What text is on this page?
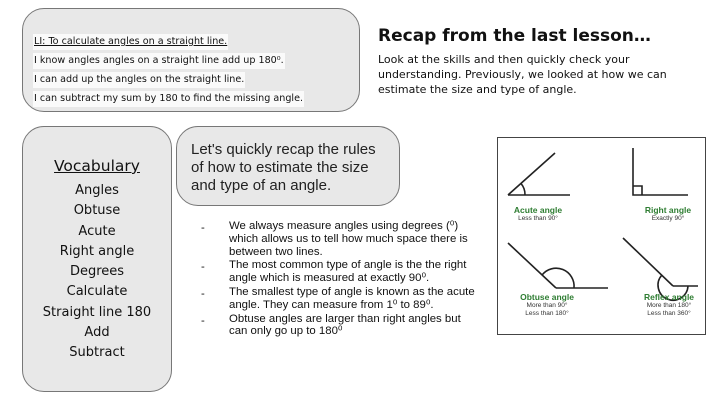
LI: To calculate angles on a straight line.
I know angles angles on a straight line add up 180⁰.
I can add up the angles on the straight line.
I can subtract my sum by 180 to find the missing angle.
Recap from the last lesson…
Look at the skills and then quickly check your understanding. Previously, we looked at how we can estimate the size and type of angle.
Vocabulary
Angles
Obtuse
Acute
Right angle
Degrees
Calculate
Straight line 180
Add
Subtract
Let's quickly recap the rules of how to estimate the size and type of an angle.
- We always measure angles using degrees (⁰) which allows us to tell how much space there is between two lines.
- The most common type of angle is the the right angle which is measured at exactly 90⁰.
- The smallest type of angle is known as the acute angle. They can measure from 1⁰ to 89⁰.
- Obtuse angles are larger than right angles but can only go up to 180⁰
Acute angle
Less than 90°
Right angle
Exactly 90°
Obtuse angle
More than 90°
Less than 180°
Reflex angle
More than 180°
Less than 360°
